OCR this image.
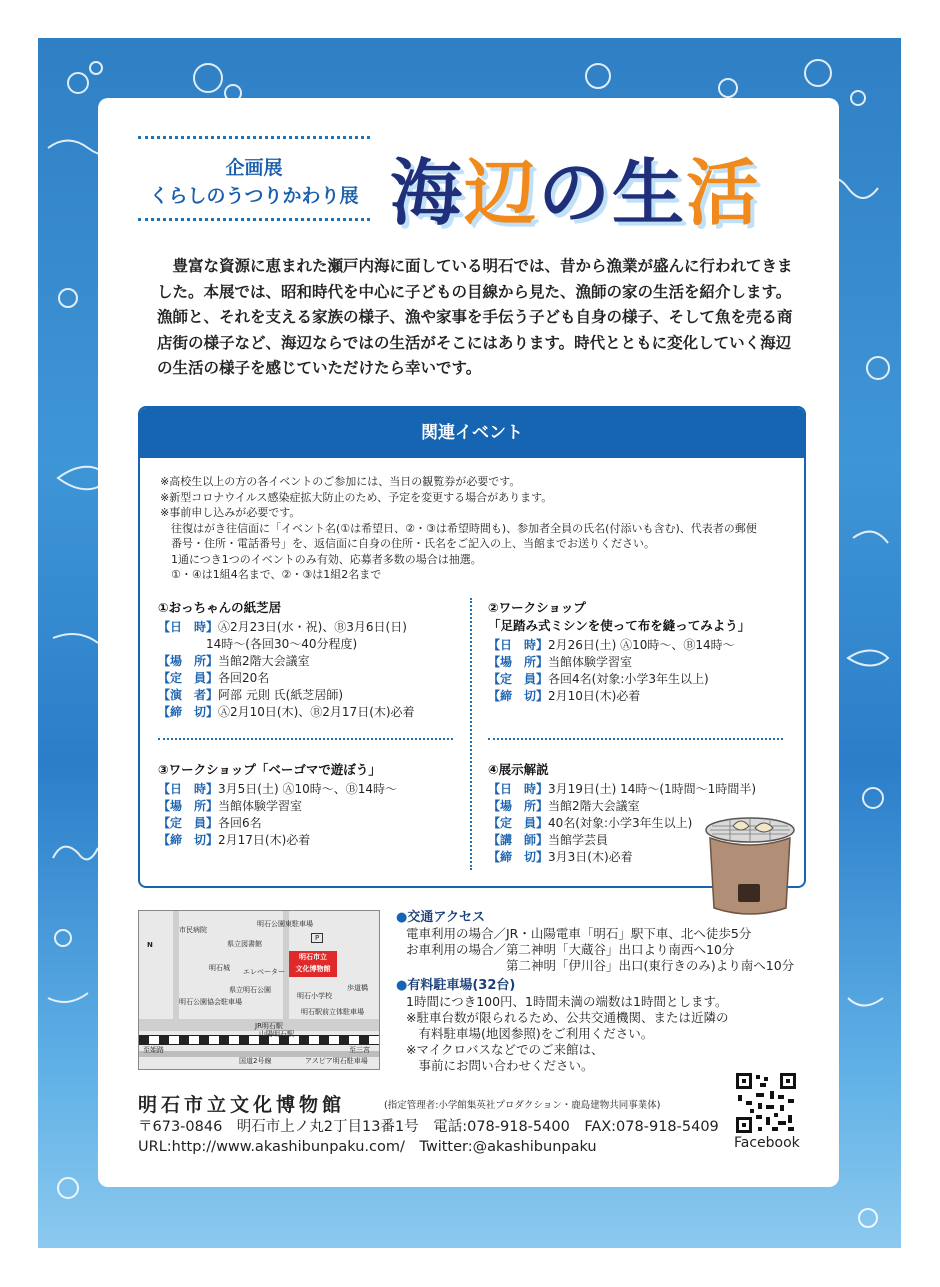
企画展
くらしのうつりかわり展 海辺の生活

豊富な資源に恵まれた瀬戸内海に面している明石では、昔から漁業が盛んに行われてきました。本展では、昭和時代を中心に子どもの目線から見た、漁師の家の生活を紹介します。漁師と、それを支える家族の様子、漁や家事を手伝う子ども自身の様子、そして魚を売る商店街の様子など、海辺ならではの生活がそこにはあります。時代とともに変化していく海辺の生活の様子を感じていただけたら幸いです。

関連イベント
※高校生以上の方の各イベントのご参加には、当日の観覧券が必要です。
※新型コロナウイルス感染症拡大防止のため、予定を変更する場合があります。
※事前申し込みが必要です。
　往復はがき往信面に「イベント名(①は希望日、②・③は希望時間も)、参加者全員の氏名(付添いも含む)、代表者の郵便
　番号・住所・電話番号」を、返信面に自身の住所・氏名をご記入の上、当館までお送りください。
　1通につき1つのイベントのみ有効、応募者多数の場合は抽選。
　①・④は1組4名まで、②・③は1組2名まで
①おっちゃんの紙芝居
【日　時】Ⓐ2月23日(水・祝)、Ⓑ3月6日(日)
　　　　14時～(各回30～40分程度)
【場　所】当館2階大会議室
【定　員】各回20名
【演　者】阿部 元則 氏(紙芝居師)
【締　切】Ⓐ2月10日(木)、Ⓑ2月17日(木)必着
②ワークショップ
「足踏み式ミシンを使って布を縫ってみよう」
【日　時】2月26日(土) Ⓐ10時～、Ⓑ14時～
【場　所】当館体験学習室
【定　員】各回4名(対象:小学3年生以上)
【締　切】2月10日(木)必着
③ワークショップ「ベーゴマで遊ぼう」
【日　時】3月5日(土) Ⓐ10時～、Ⓑ14時～
【場　所】当館体験学習室
【定　員】各回6名
【締　切】2月17日(木)必着
④展示解説
【日　時】3月19日(土) 14時～(1時間～1時間半)
【場　所】当館2階大会議室
【定　員】40名(対象:小学3年生以上)
【講　師】当館学芸員
【締　切】3月3日(木)必着
明石市立
文化博物館
市民病院
明石公園東駐車場
P
県立図書館
明石城 エレベーター
県立明石公園
明石公園協会駐車場
明石小学校
明石駅前立体駐車場
歩道橋
JR明石駅
山陽明石駅
至姫路	至三宮
国道2号線	アスピア明石駐車場
N
●交通アクセス
電車利用の場合／JR・山陽電車「明石」駅下車、北へ徒歩5分
お車利用の場合／第二神明「大蔵谷」出口より南西へ10分
　　　　　　　　第二神明「伊川谷」出口(東行きのみ)より南へ10分
●有料駐車場(32台)
1時間につき100円、1時間未満の端数は1時間とします。
※駐車台数が限られるため、公共交通機関、または近隣の
　有料駐車場(地図参照)をご利用ください。
※マイクロバスなどでのご来館は、
　事前にお問い合わせください。
明石市立文化博物館	(指定管理者:小学館集英社プロダクション・鹿島建物共同事業体)
〒673-0846　明石市上ノ丸2丁目13番1号　電話:078-918-5400　FAX:078-918-5409
URL:http://www.akashibunpaku.com/　Twitter:@akashibunpaku	Facebook
